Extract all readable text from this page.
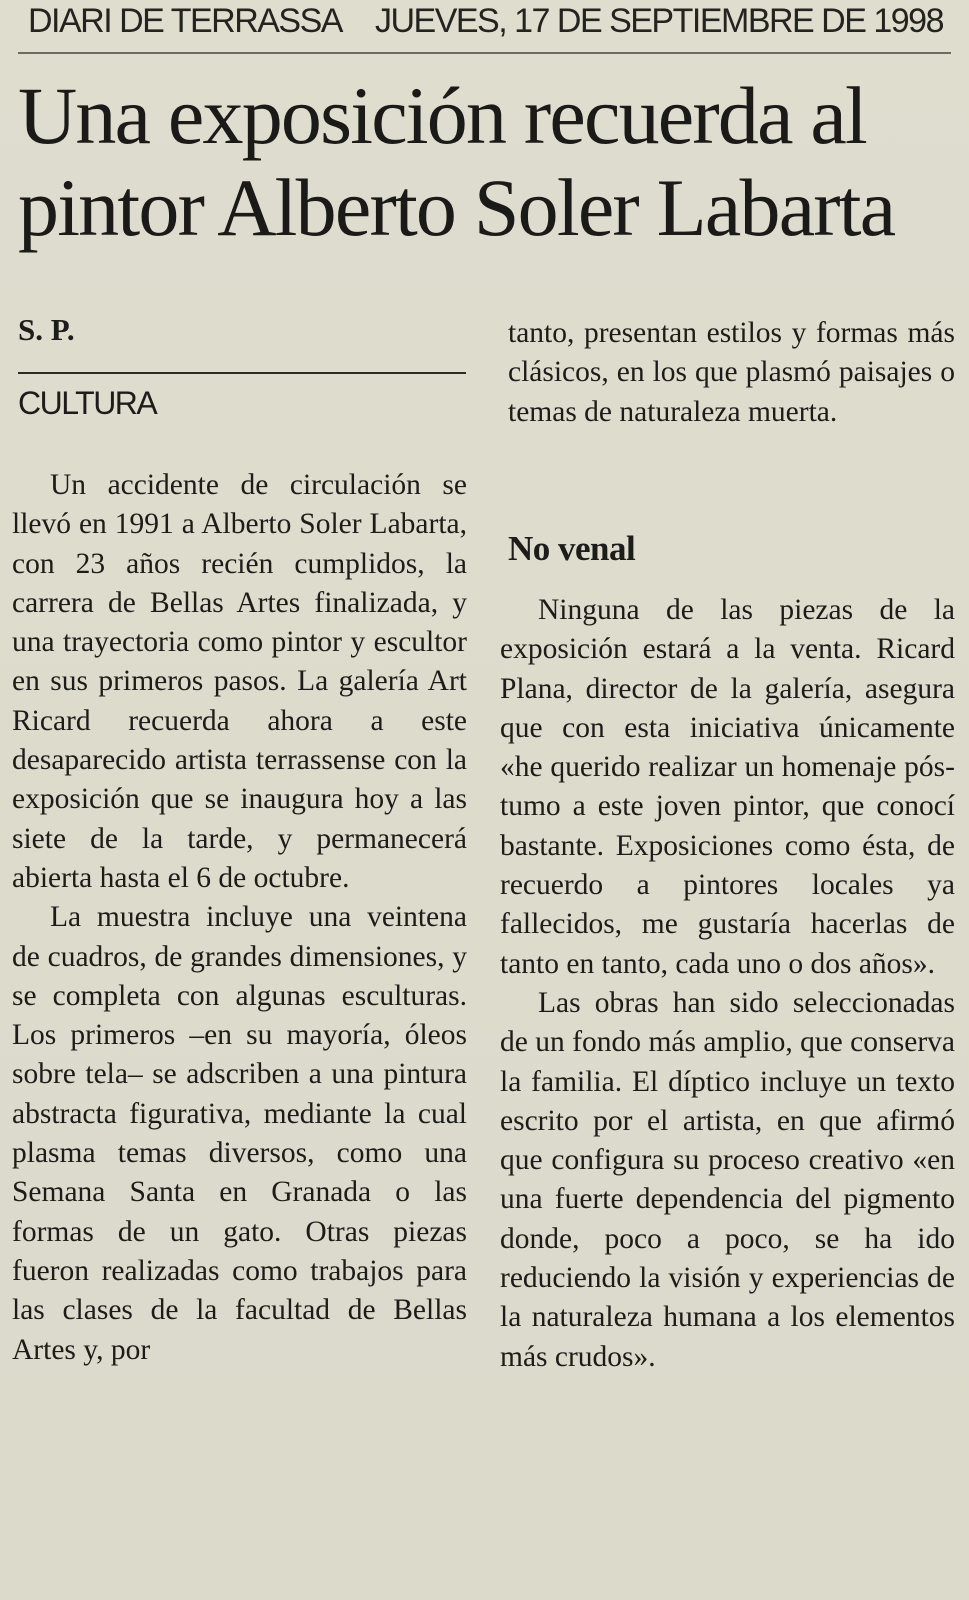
DIARI DE TERRASSA JUEVES, 17 DE SEPTIEMBRE DE 1998
Una exposición recuerda al pintor Alberto Soler Labarta
S. P.
CULTURA

Un accidente de circulación se llevó en 1991 a Alberto Soler Labarta, con 23 años recién cumplidos, la carrera de Bellas Artes finalizada, y una trayectoria como pintor y escultor en sus primeros pasos. La galería Art Ricard recuerda ahora a este desaparecido artista terrassense con la exposición que se inaugura hoy a las siete de la tarde, y permanecerá abierta hasta el 6 de octubre.

La muestra incluye una veintena de cuadros, de grandes dimensiones, y se completa con algunas esculturas. Los primeros –en su mayoría, óleos sobre tela– se adscriben a una pintura abstracta figurativa, mediante la cual plasma temas diversos, como una Semana Santa en Granada o las formas de un gato. Otras piezas fueron realizadas como trabajos para las clases de la facultad de Bellas Artes y, por

tanto, presentan estilos y formas más clásicos, en los que plasmó paisajes o temas de naturaleza muerta.

No venal

Ninguna de las piezas de la exposición estará a la venta. Ricard Plana, director de la galería, asegura que con esta iniciativa únicamente «he querido realizar un homenaje póstumo a este joven pintor, que conocí bastante. Exposiciones como ésta, de recuerdo a pintores locales ya fallecidos, me gustaría hacerlas de tanto en tanto, cada uno o dos años».

Las obras han sido seleccionadas de un fondo más amplio, que conserva la familia. El díptico incluye un texto escrito por el artista, en que afirmó que configura su proceso creativo «en una fuerte dependencia del pigmento donde, poco a poco, se ha ido reduciendo la visión y experiencias de la naturaleza humana a los elementos más crudos».
